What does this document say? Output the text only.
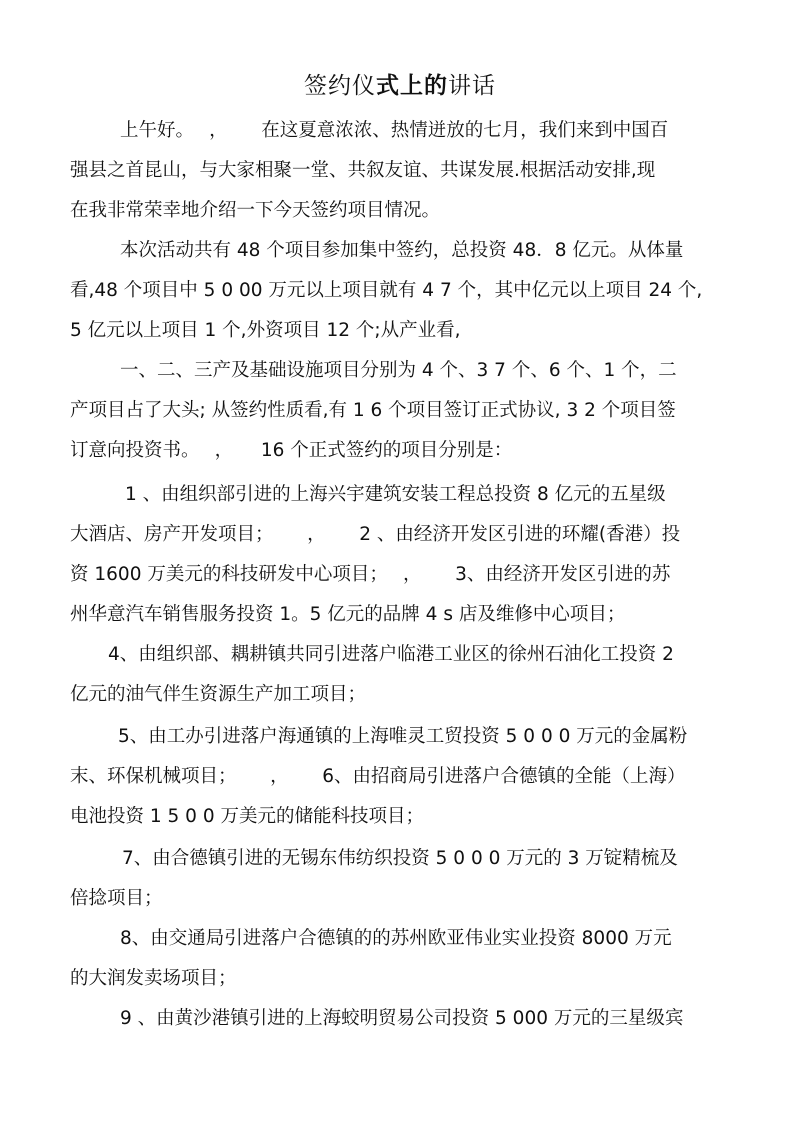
签约仪式上的讲话
上午好。　 ，　　 在这夏意浓浓、热情迸放的七月，我们来到中国百
强县之首昆山，与大家相聚一堂、共叙友谊、共谋发展.根据活动安排,现
在我非常荣幸地介绍一下今天签约项目情况。
本次活动共有 48 个项目参加集中签约，总投资 48．8 亿元。从体量
看,48 个项目中 5 0 00 万元以上项目就有 4 7 个，其中亿元以上项目 24 个,
5 亿元以上项目 1 个,外资项目 12 个;从产业看,
一、二、三产及基础设施项目分别为 4 个、3 7 个、6 个、1 个，二
产项目占了大头; 从签约性质看,有 1 6 个项目签订正式协议, 3 2 个项目签
订意向投资书。　 ，　　16 个正式签约的项目分别是：
1 、由组织部引进的上海兴宇建筑安装工程总投资 8 亿元的五星级
大酒店、房产开发项目；　　 ，　　 2 、由经济开发区引进的环耀(香港）投
资 1600 万美元的科技研发中心项目；　 ，　　 3、由经济开发区引进的苏
州华意汽车销售服务投资 1。5 亿元的品牌 4 s 店及维修中心项目；
4、由组织部、耦耕镇共同引进落户临港工业区的徐州石油化工投资 2
亿元的油气伴生资源生产加工项目；
5、由工办引进落户海通镇的上海唯灵工贸投资 5 0 0 0 万元的金属粉
末、环保机械项目；　　 ，　　 6、由招商局引进落户合德镇的全能（上海）
电池投资 1 5 0 0 万美元的储能科技项目；
7、由合德镇引进的无锡东伟纺织投资 5 0 0 0 万元的 3 万锭精梳及
倍捻项目；
8、由交通局引进落户合德镇的的苏州欧亚伟业实业投资 8000 万元
的大润发卖场项目；
9 、由黄沙港镇引进的上海蛟明贸易公司投资 5 000 万元的三星级宾
